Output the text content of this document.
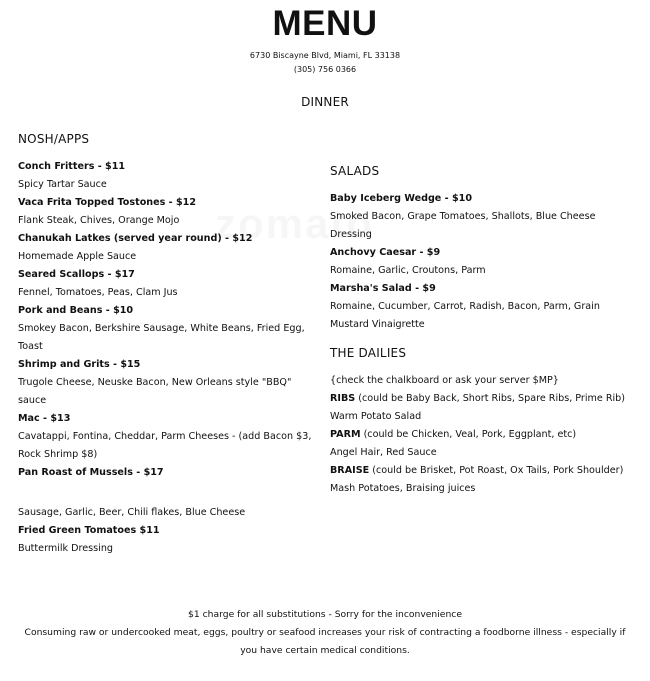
MENU
6730 Biscayne Blvd, Miami, FL 33138
(305) 756 0366
DINNER
NOSH/APPS
Conch Fritters - $11
Spicy Tartar Sauce
Vaca Frita Topped Tostones - $12
Flank Steak, Chives, Orange Mojo
Chanukah Latkes (served year round) - $12
Homemade Apple Sauce
Seared Scallops - $17
Fennel, Tomatoes, Peas, Clam Jus
Pork and Beans - $10
Smokey Bacon, Berkshire Sausage, White Beans, Fried Egg,
Toast
Shrimp and Grits - $15
Trugole Cheese, Neuske Bacon, New Orleans style "BBQ"
sauce
Mac - $13
Cavatappi, Fontina, Cheddar, Parm Cheeses - (add Bacon $3,
Rock Shrimp $8)
Pan Roast of Mussels - $17
Sausage, Garlic, Beer, Chili flakes, Blue Cheese
Fried Green Tomatoes $11
Buttermilk Dressing
SALADS
Baby Iceberg Wedge - $10
Smoked Bacon, Grape Tomatoes, Shallots, Blue Cheese
Dressing
Anchovy Caesar - $9
Romaine, Garlic, Croutons, Parm
Marsha's Salad - $9
Romaine, Cucumber, Carrot, Radish, Bacon, Parm, Grain
Mustard Vinaigrette
THE DAILIES
{check the chalkboard or ask your server $MP}
RIBS (could be Baby Back, Short Ribs, Spare Ribs, Prime Rib)
Warm Potato Salad
PARM (could be Chicken, Veal, Pork, Eggplant, etc)
Angel Hair, Red Sauce
BRAISE (could be Brisket, Pot Roast, Ox Tails, Pork Shoulder)
Mash Potatoes, Braising juices
$1 charge for all substitutions - Sorry for the inconvenience
Consuming raw or undercooked meat, eggs, poultry or seafood increases your risk of contracting a foodborne illness - especially if
you have certain medical conditions.
